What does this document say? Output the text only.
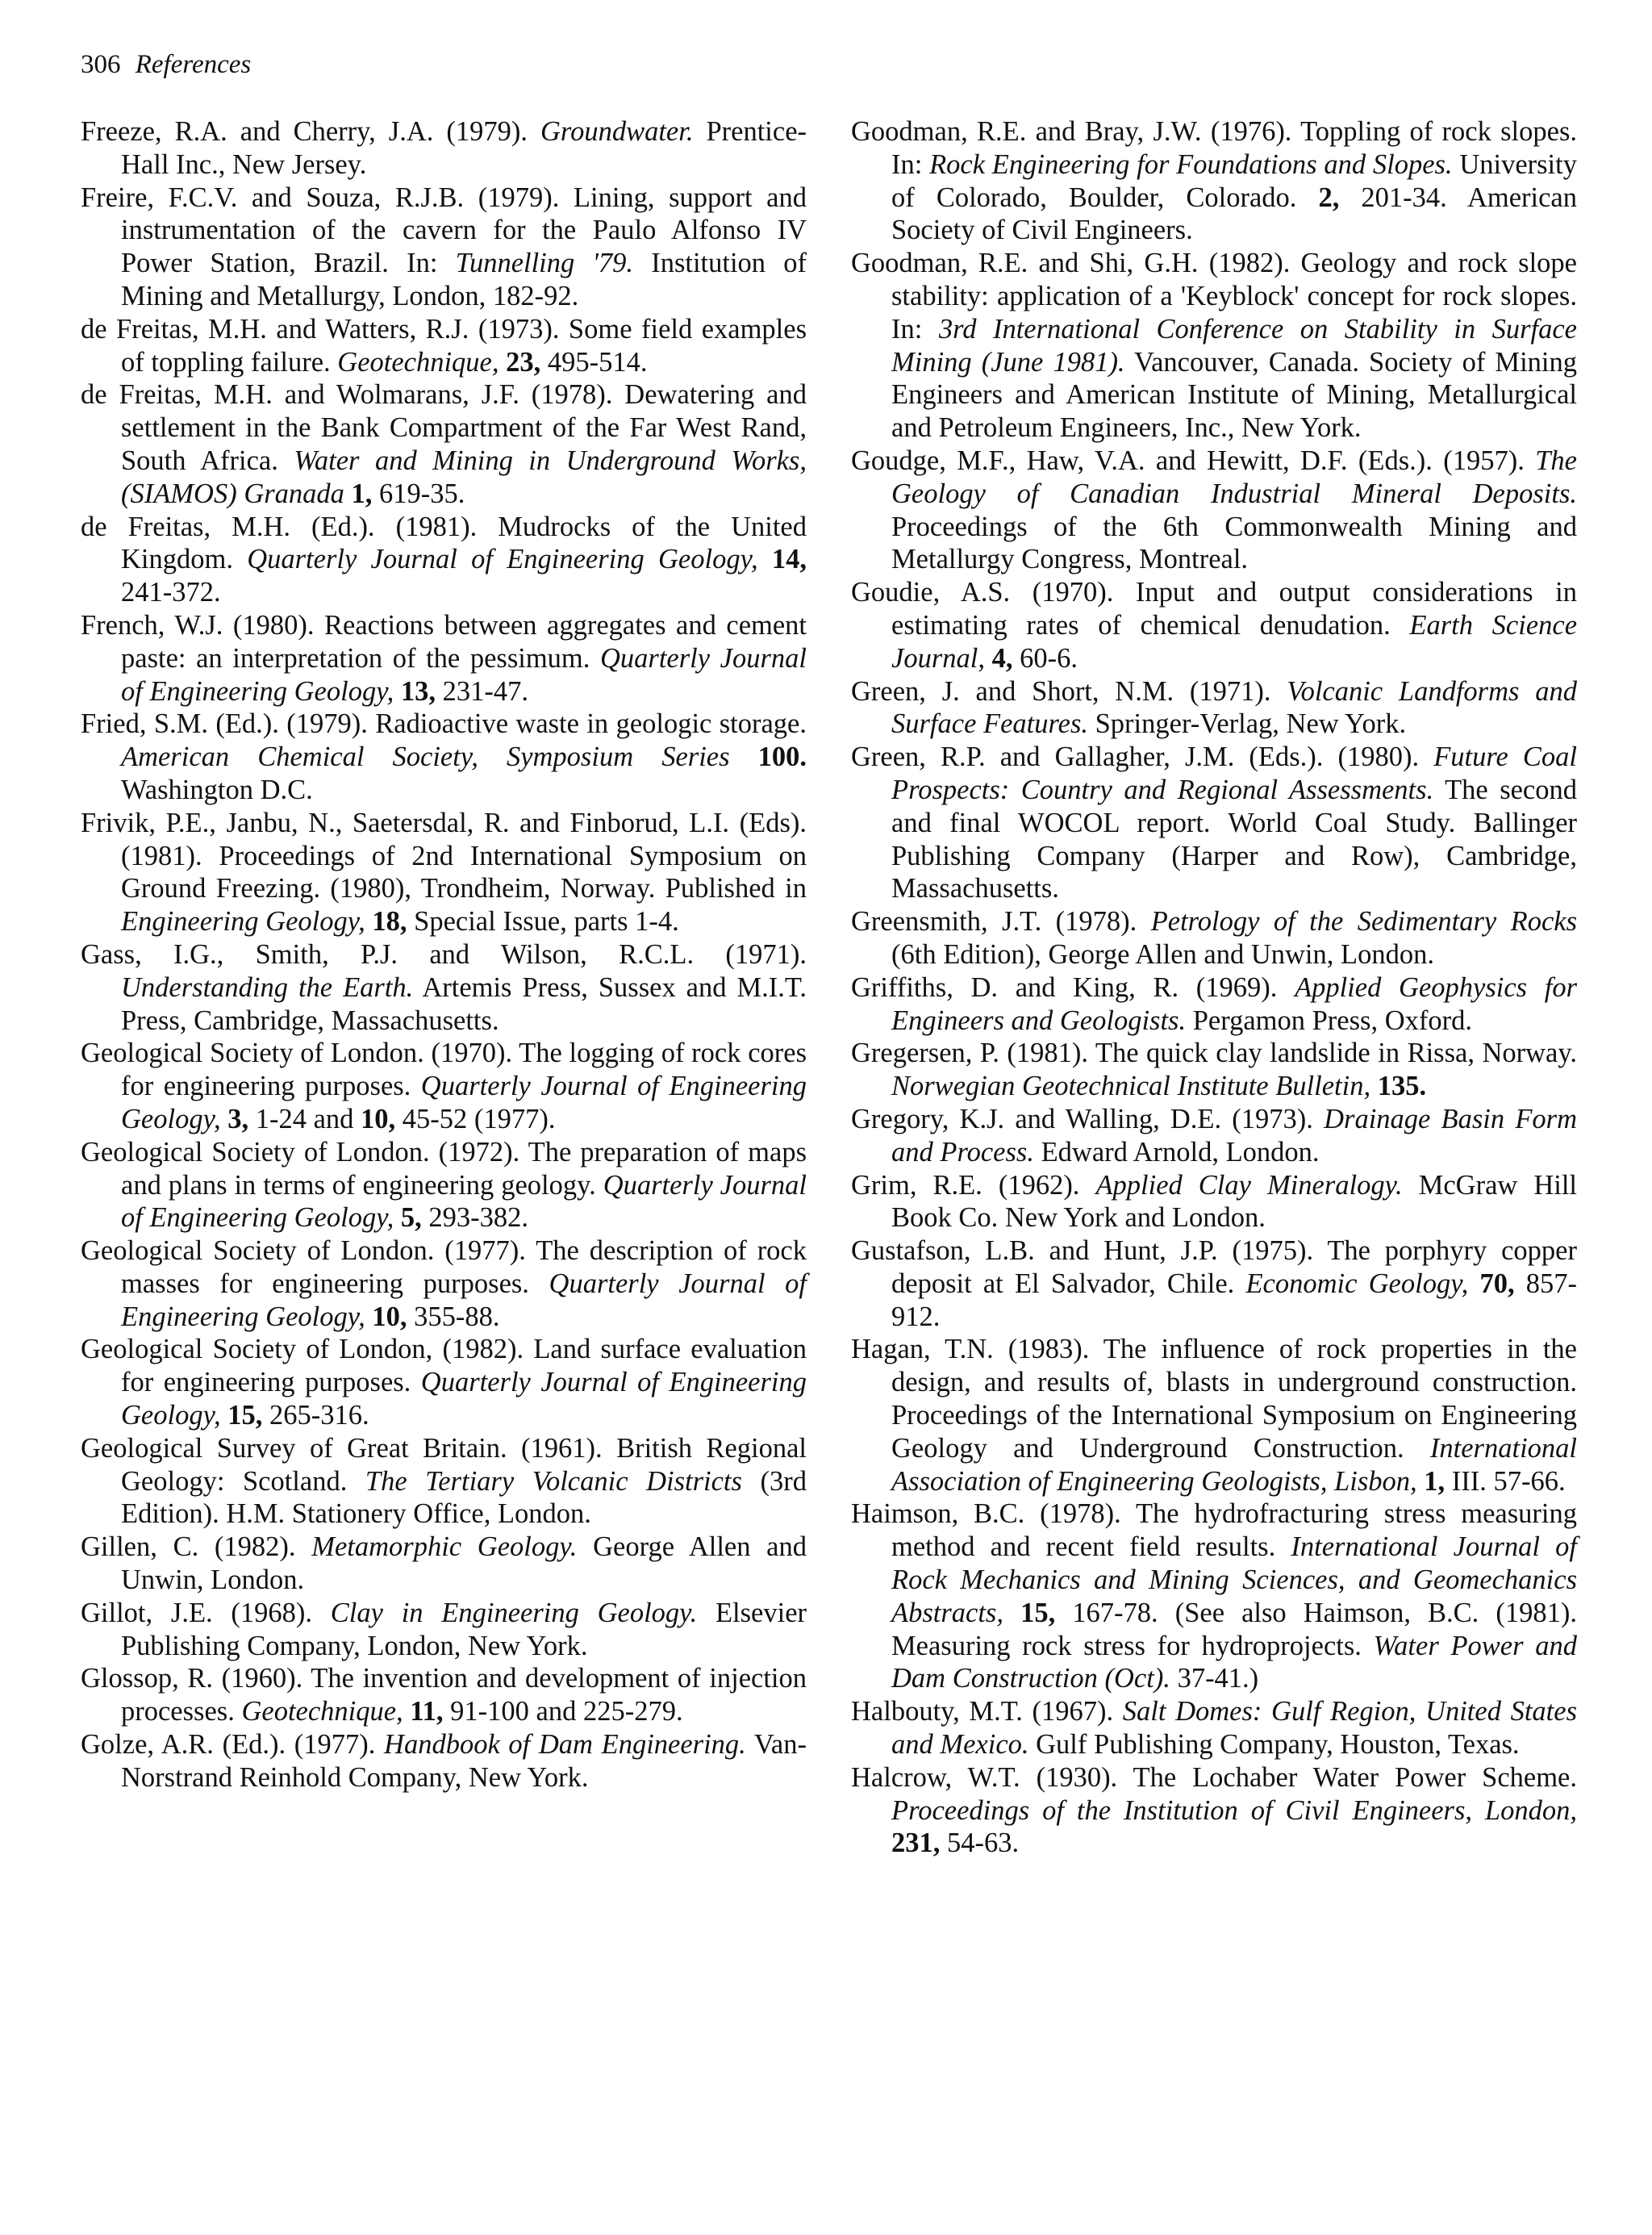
306 References

Freeze, R.A. and Cherry, J.A. (1979). Groundwater. Prentice-Hall Inc., New Jersey.

Freire, F.C.V. and Souza, R.J.B. (1979). Lining, support and instrumentation of the cavern for the Paulo Alfonso IV Power Station, Brazil. In: Tunnelling '79. Institution of Mining and Metallurgy, London, 182-92.

de Freitas, M.H. and Watters, R.J. (1973). Some field examples of toppling failure. Geotechnique, 23, 495-514.

de Freitas, M.H. and Wolmarans, J.F. (1978). Dewatering and settlement in the Bank Compartment of the Far West Rand, South Africa. Water and Mining in Underground Works, (SIAMOS) Granada 1, 619-35.

de Freitas, M.H. (Ed.). (1981). Mudrocks of the United Kingdom. Quarterly Journal of Engineering Geology, 14, 241-372.

French, W.J. (1980). Reactions between aggregates and cement paste: an interpretation of the pessimum. Quarterly Journal of Engineering Geology, 13, 231-47.

Fried, S.M. (Ed.). (1979). Radioactive waste in geologic storage. American Chemical Society, Symposium Series 100. Washington D.C.

Frivik, P.E., Janbu, N., Saetersdal, R. and Finborud, L.I. (Eds). (1981). Proceedings of 2nd International Symposium on Ground Freezing. (1980), Trondheim, Norway. Published in Engineering Geology, 18, Special Issue, parts 1-4.

Gass, I.G., Smith, P.J. and Wilson, R.C.L. (1971). Understanding the Earth. Artemis Press, Sussex and M.I.T. Press, Cambridge, Massachusetts.

Geological Society of London. (1970). The logging of rock cores for engineering purposes. Quarterly Journal of Engineering Geology, 3, 1-24 and 10, 45-52 (1977).

Geological Society of London. (1972). The preparation of maps and plans in terms of engineering geology. Quarterly Journal of Engineering Geology, 5, 293-382.

Geological Society of London. (1977). The description of rock masses for engineering purposes. Quarterly Journal of Engineering Geology, 10, 355-88.

Geological Society of London, (1982). Land surface evaluation for engineering purposes. Quarterly Journal of Engineering Geology, 15, 265-316.

Geological Survey of Great Britain. (1961). British Regional Geology: Scotland. The Tertiary Volcanic Districts (3rd Edition). H.M. Stationery Office, London.

Gillen, C. (1982). Metamorphic Geology. George Allen and Unwin, London.

Gillot, J.E. (1968). Clay in Engineering Geology. Elsevier Publishing Company, London, New York.

Glossop, R. (1960). The invention and development of injection processes. Geotechnique, 11, 91-100 and 225-279.

Golze, A.R. (Ed.). (1977). Handbook of Dam Engineering. Van-Norstrand Reinhold Company, New York.

Goodman, R.E. and Bray, J.W. (1976). Toppling of rock slopes. In: Rock Engineering for Foundations and Slopes. University of Colorado, Boulder, Colorado. 2, 201-34. American Society of Civil Engineers.

Goodman, R.E. and Shi, G.H. (1982). Geology and rock slope stability: application of a 'Keyblock' concept for rock slopes. In: 3rd International Conference on Stability in Surface Mining (June 1981). Vancouver, Canada. Society of Mining Engineers and American Institute of Mining, Metallurgical and Petroleum Engineers, Inc., New York.

Goudge, M.F., Haw, V.A. and Hewitt, D.F. (Eds.). (1957). The Geology of Canadian Industrial Mineral Deposits. Proceedings of the 6th Commonwealth Mining and Metallurgy Congress, Montreal.

Goudie, A.S. (1970). Input and output considerations in estimating rates of chemical denudation. Earth Science Journal, 4, 60-6.

Green, J. and Short, N.M. (1971). Volcanic Landforms and Surface Features. Springer-Verlag, New York.

Green, R.P. and Gallagher, J.M. (Eds.). (1980). Future Coal Prospects: Country and Regional Assessments. The second and final WOCOL report. World Coal Study. Ballinger Publishing Company (Harper and Row), Cambridge, Massachusetts.

Greensmith, J.T. (1978). Petrology of the Sedimentary Rocks (6th Edition), George Allen and Unwin, London.

Griffiths, D. and King, R. (1969). Applied Geophysics for Engineers and Geologists. Pergamon Press, Oxford.

Gregersen, P. (1981). The quick clay landslide in Rissa, Norway. Norwegian Geotechnical Institute Bulletin, 135.

Gregory, K.J. and Walling, D.E. (1973). Drainage Basin Form and Process. Edward Arnold, London.

Grim, R.E. (1962). Applied Clay Mineralogy. McGraw Hill Book Co. New York and London.

Gustafson, L.B. and Hunt, J.P. (1975). The porphyry copper deposit at El Salvador, Chile. Economic Geology, 70, 857-912.

Hagan, T.N. (1983). The influence of rock properties in the design, and results of, blasts in underground construction. Proceedings of the International Symposium on Engineering Geology and Underground Construction. International Association of Engineering Geologists, Lisbon, 1, III. 57-66.

Haimson, B.C. (1978). The hydrofracturing stress measuring method and recent field results. International Journal of Rock Mechanics and Mining Sciences, and Geomechanics Abstracts, 15, 167-78. (See also Haimson, B.C. (1981). Measuring rock stress for hydroprojects. Water Power and Dam Construction (Oct). 37-41.)

Halbouty, M.T. (1967). Salt Domes: Gulf Region, United States and Mexico. Gulf Publishing Company, Houston, Texas.

Halcrow, W.T. (1930). The Lochaber Water Power Scheme. Proceedings of the Institution of Civil Engineers, London, 231, 54-63.
